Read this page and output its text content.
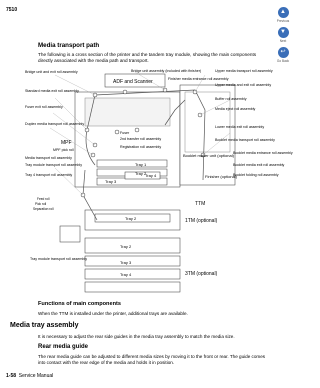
7510	▲
Previous
▼
Next
↩
Go Back
Media transport path

The following is a cross section of the printer and the tandem tray module, showing the main components directly associated with the media path and transport.

Bridge unit and exit roll assembly	Bridge unit assembly (included with finisher)
ADF and Scanner
Upper media transport roll assembly
Finisher media entrance roll assembly
Upper media and exit roll assembly
Standard media exit roll assembly
Fuser exit roll assembly
Buffer roll assembly
Media eject roll assembly
Duplex media transport roll assembly
Fuser
Lower media exit roll assembly
MPF
MPF pick roll
2nd transfer roll assembly
Registration roll assembly
Media transport roll assembly
Booklet media transport roll assembly
Booklet maker unit (optional)
Finisher (optional)
Tray module transport roll assembly
Tray 4 transport roll assembly
Booklet media entrance roll assembly
Booklet media exit roll assembly
Booklet folding roll assembly
Feed roll
Pick roll
Separation roll
Tray 1
Tray 2
Tray 3
Tray 4
Tray 2
TTM
1TM (optional)
Tray 2
Tray 3
Tray 4	3TM (optional)
Tray module transport roll assembly
Functions of main components

When the TTM is installed under the printer, additional trays are available.

Media tray assembly

It is necessary to adjust the rear side guides in the media tray assembly to match the media size.

Rear media guide

The rear media guide can be adjusted to different media sizes by moving it to the front or rear. The guide comes into contact with the rear edge of the media and holds it in position.

1-58 Service Manual
